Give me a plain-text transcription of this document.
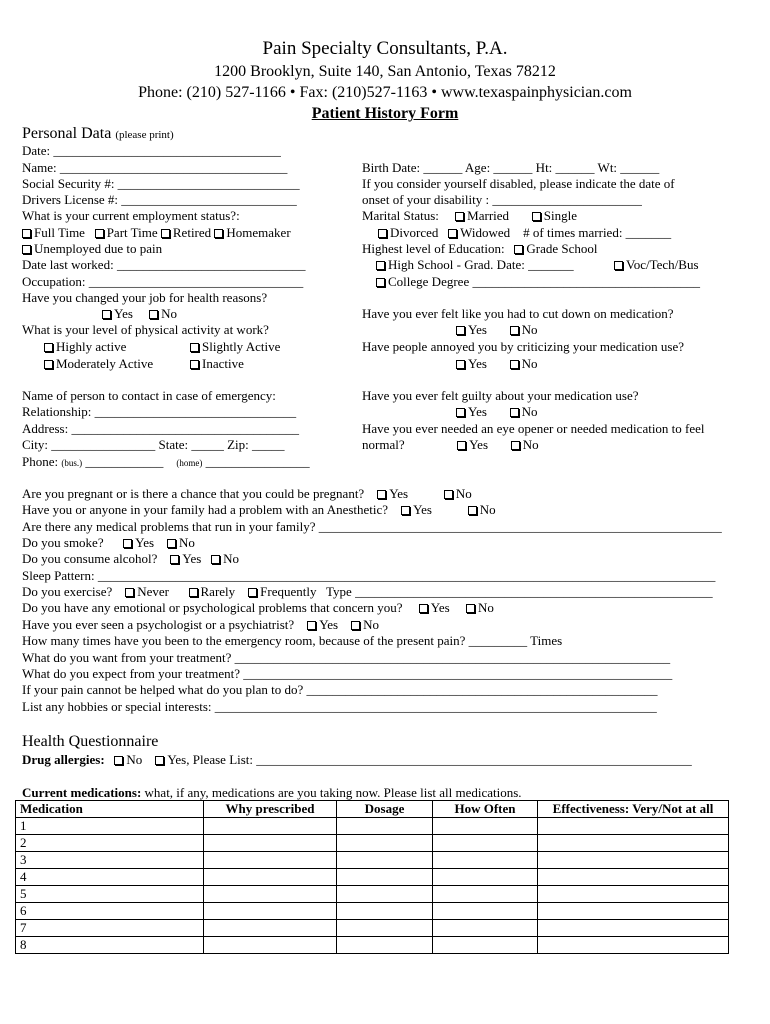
Pain Specialty Consultants, P.A.
1200 Brooklyn, Suite 140, San Antonio, Texas 78212
Phone: (210) 527-1166 • Fax: (210)527-1163 • www.texaspainphysician.com
Patient History Form
Personal Data (please print)
Date: ___________________________________
Name: ___________________________________
Social Security #: ____________________________
Drivers License #: ___________________________
What is your current employment status?:
Full Time Part Time Retired Homemaker
Unemployed due to pain
Date last worked: _____________________________
Occupation: _________________________________
Have you changed your job for health reasons?
Yes No
What is your level of physical activity at work?
Highly active	Slightly Active
Moderately Active	Inactive
Name of person to contact in case of emergency:
Relationship: _______________________________
Address: ___________________________________
City: ________________ State: _____ Zip: _____
Phone: (bus.) ____________ (home) ________________
Birth Date: ______ Age: ______ Ht: ______ Wt: ______
If you consider yourself disabled, please indicate the date of
onset of your disability : _______________________
Marital Status: Married	Single
Divorced Widowed # of times married: _______
Highest level of Education: Grade School
High School - Grad. Date: _______	Voc/Tech/Bus
College Degree ___________________________________
Have you ever felt like you had to cut down on medication?
Yes	No
Have people annoyed you by criticizing your medication use?
Yes	No
Have you ever felt guilty about your medication use?
Yes	No
Have you ever needed an eye opener or needed medication to feel
normal?	Yes	No
Are you pregnant or is there a chance that you could be pregnant? Yes	No
Have you or anyone in your family had a problem with an Anesthetic? Yes	No
Are there any medical problems that run in your family? ______________________________________________________________
Do you smoke? Yes No
Do you consume alcohol? Yes No
Sleep Pattern: _______________________________________________________________________________________________
Do you exercise? Never Rarely Frequently Type _______________________________________________________
Do you have any emotional or psychological problems that concern you? Yes No
Have you ever seen a psychologist or a psychiatrist? Yes No
How many times have you been to the emergency room, because of the present pain? _________ Times
What do you want from your treatment? ___________________________________________________________________
What do you expect from your treatment? __________________________________________________________________
If your pain cannot be helped what do you plan to do? ______________________________________________________
List any hobbies or special interests: ____________________________________________________________________
Health Questionnaire
Drug allergies: No Yes, Please List: ___________________________________________________________________
Current medications: what, if any, medications are you taking now. Please list all medications.
Medication	Why prescribed	Dosage	How Often	Effectiveness: Very/Not at all
1				
2				
3				
4				
5				
6				
7				
8				
